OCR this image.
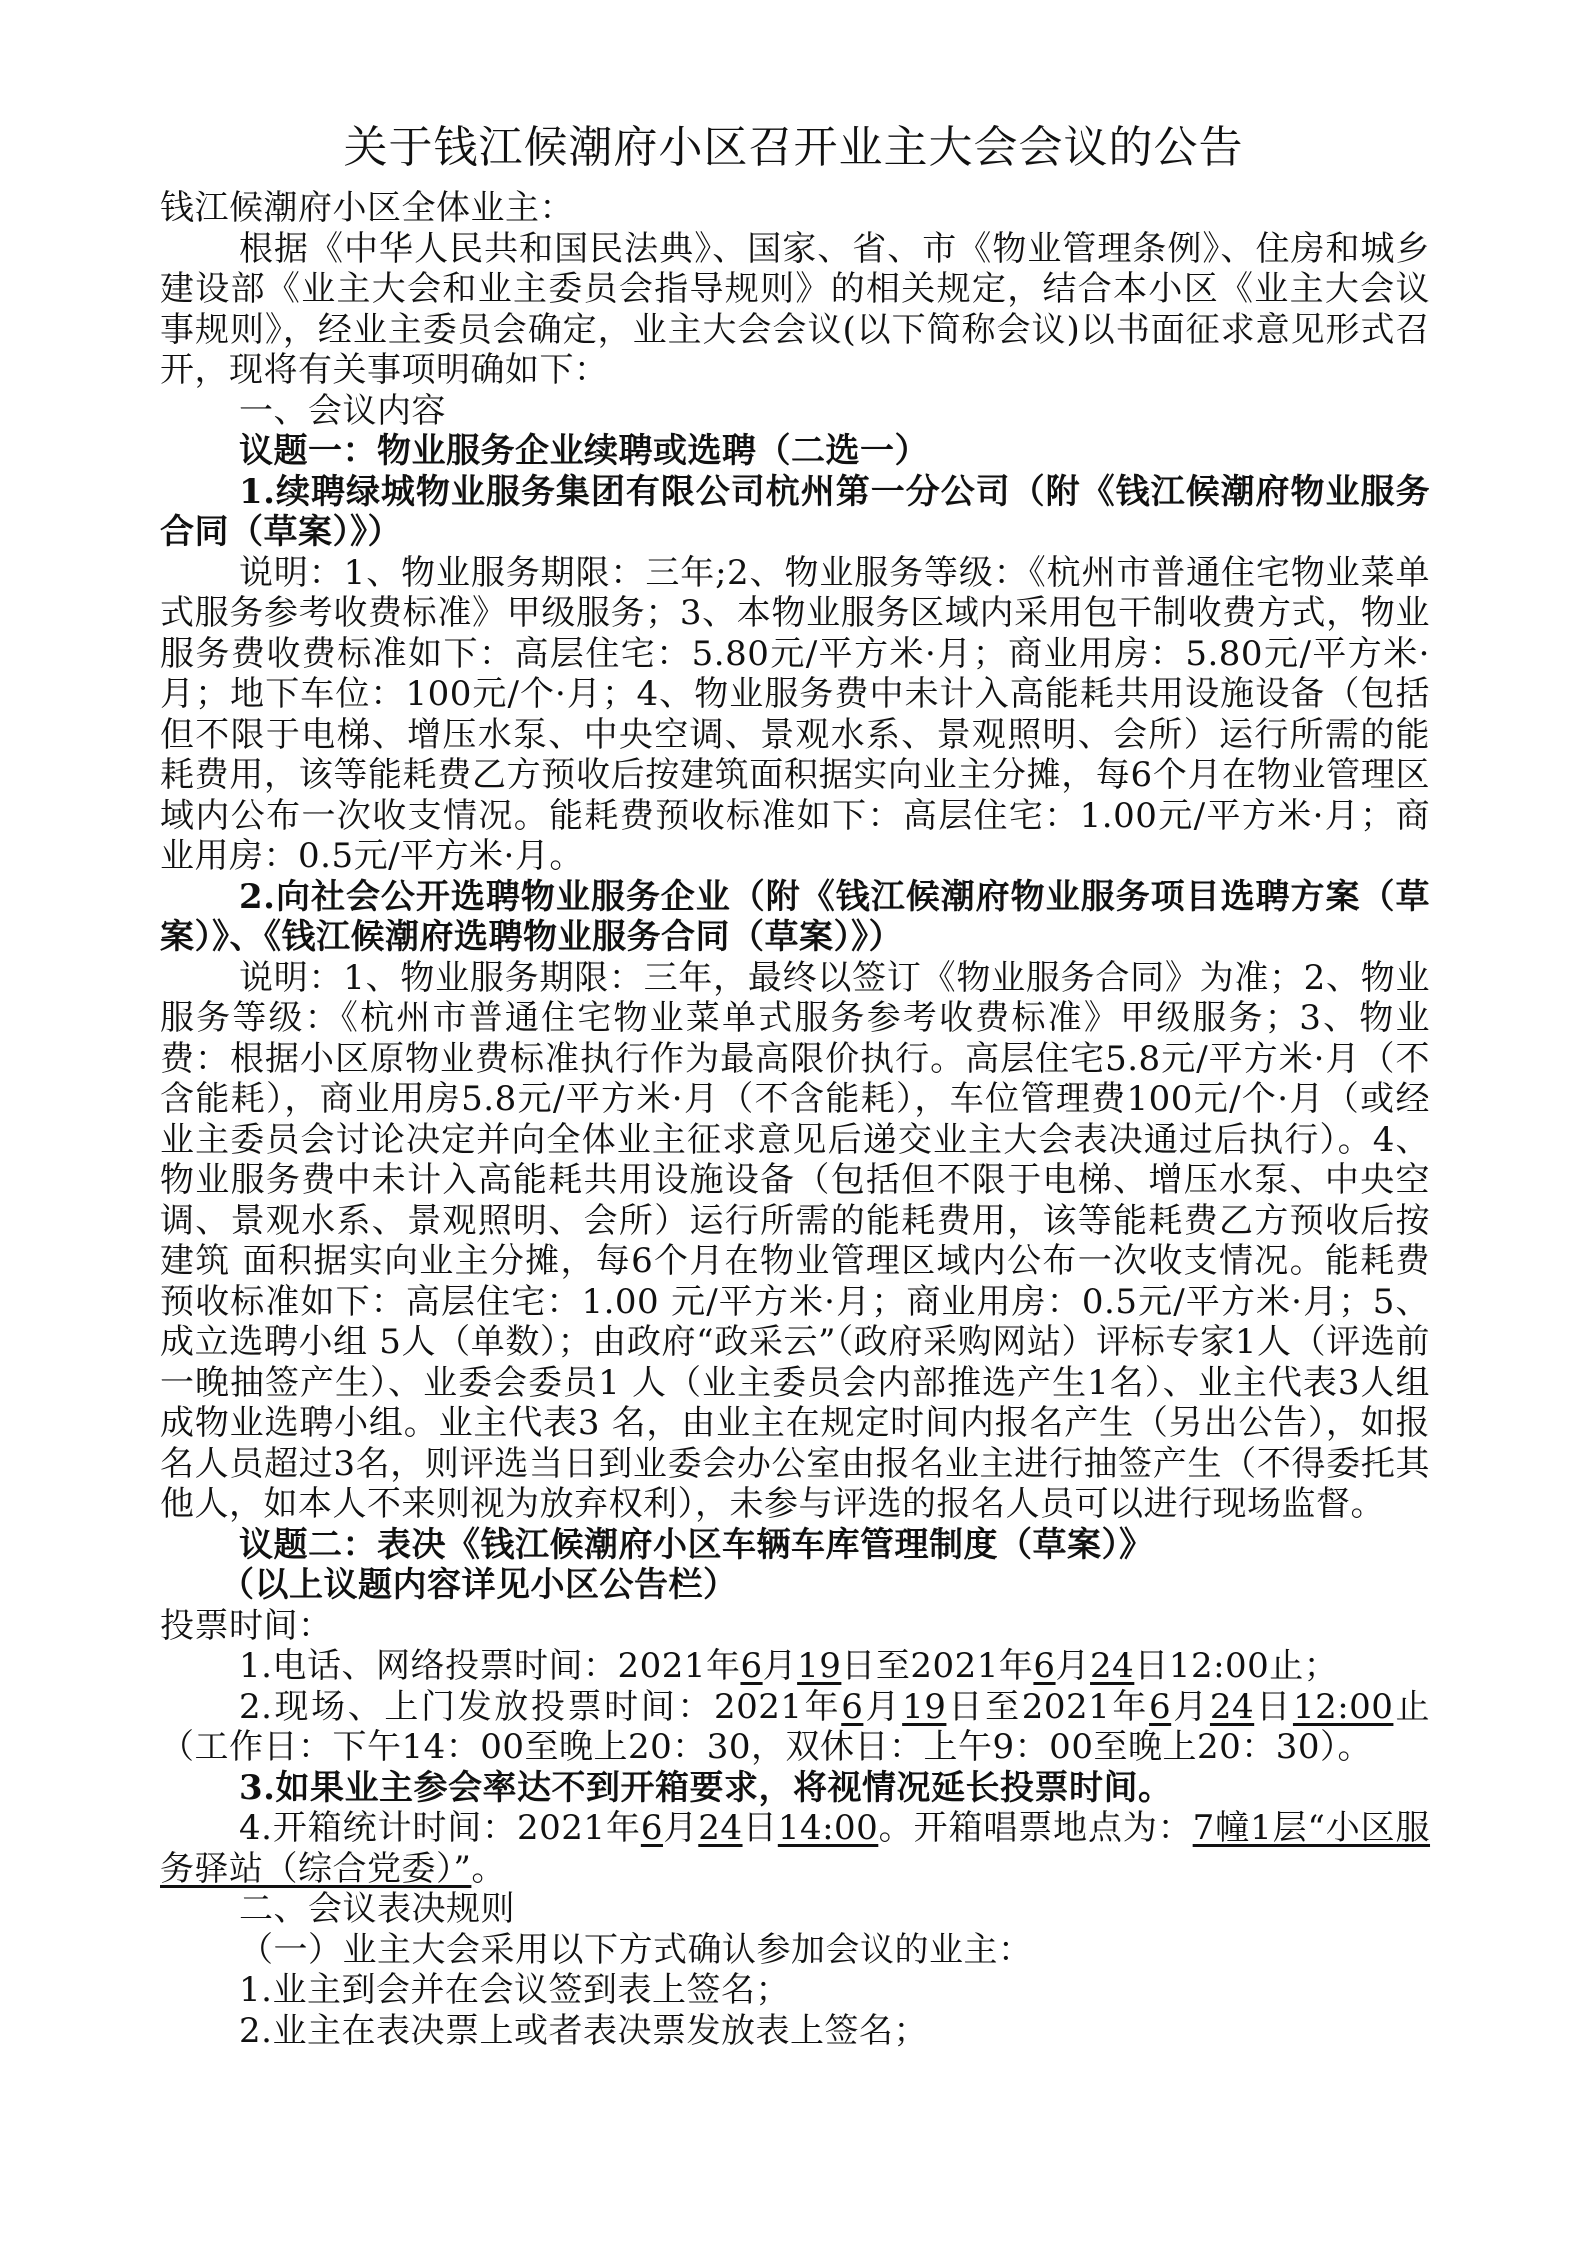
关于钱江候潮府小区召开业主大会会议的公告

钱江候潮府小区全体业主：

根据《中华人民共和国民法典》、国家、省、市《物业管理条例》、住房和城乡建设部《业主大会和业主委员会指导规则》的相关规定，结合本小区《业主大会议事规则》，经业主委员会确定，业主大会会议(以下简称会议)以书面征求意见形式召开，现将有关事项明确如下：

一、会议内容

议题一：物业服务企业续聘或选聘（二选一）

1.续聘绿城物业服务集团有限公司杭州第一分公司（附《钱江候潮府物业服务合同（草案）》）

说明：1、物业服务期限：三年;2、物业服务等级：《杭州市普通住宅物业菜单式服务参考收费标准》甲级服务；3、本物业服务区域内采用包干制收费方式，物业服务费收费标准如下：高层住宅：5.80元/平方米·月；商业用房：5.80元/平方米·月；地下车位：100元/个·月；4、物业服务费中未计入高能耗共用设施设备（包括但不限于电梯、增压水泵、中央空调、景观水系、景观照明、会所）运行所需的能耗费用，该等能耗费乙方预收后按建筑面积据实向业主分摊，每6个月在物业管理区域内公布一次收支情况。能耗费预收标准如下：高层住宅：1.00元/平方米·月；商业用房：0.5元/平方米·月。

2.向社会公开选聘物业服务企业（附《钱江候潮府物业服务项目选聘方案（草案）》、《钱江候潮府选聘物业服务合同（草案）》）

说明：1、物业服务期限：三年，最终以签订《物业服务合同》为准；2、物业服务等级：《杭州市普通住宅物业菜单式服务参考收费标准》甲级服务；3、物业费：根据小区原物业费标准执行作为最高限价执行。高层住宅5.8元/平方米·月（不含能耗），商业用房5.8元/平方米·月（不含能耗），车位管理费100元/个·月（或经业主委员会讨论决定并向全体业主征求意见后递交业主大会表决通过后执行）。4、物业服务费中未计入高能耗共用设施设备（包括但不限于电梯、增压水泵、中央空 调、景观水系、景观照明、会所）运行所需的能耗费用，该等能耗费乙方预收后按建筑 面积据实向业主分摊，每6个月在物业管理区域内公布一次收支情况。能耗费预收标准如下：高层住宅：1.00 元/平方米·月；商业用房：0.5元/平方米·月；5、成立选聘小组 5人（单数）；由政府“政采云”（政府采购网站）评标专家1人（评选前一晚抽签产生）、业委会委员1 人（业主委员会内部推选产生1名）、业主代表3人组成物业选聘小组。业主代表3 名，由业主在规定时间内报名产生（另出公告），如报名人员超过3名，则评选当日到业委会办公室由报名业主进行抽签产生（不得委托其他人，如本人不来则视为放弃权利），未参与评选的报名人员可以进行现场监督。

议题二：表决《钱江候潮府小区车辆车库管理制度（草案）》

（以上议题内容详见小区公告栏）

投票时间：

1.电话、网络投票时间：2021年6月19日至2021年6月24日12:00止；

2.现场、上门发放投票时间：2021年6月19日至2021年6月24日12:00止（工作日：下午14：00至晚上20：30，双休日：上午9：00至晚上20：30）。

3.如果业主参会率达不到开箱要求，将视情况延长投票时间。

4.开箱统计时间：2021年6月24日14:00。开箱唱票地点为：7幢1层“小区服务驿站（综合党委）”。

二、会议表决规则

（一）业主大会采用以下方式确认参加会议的业主：

1.业主到会并在会议签到表上签名；

2.业主在表决票上或者表决票发放表上签名；
